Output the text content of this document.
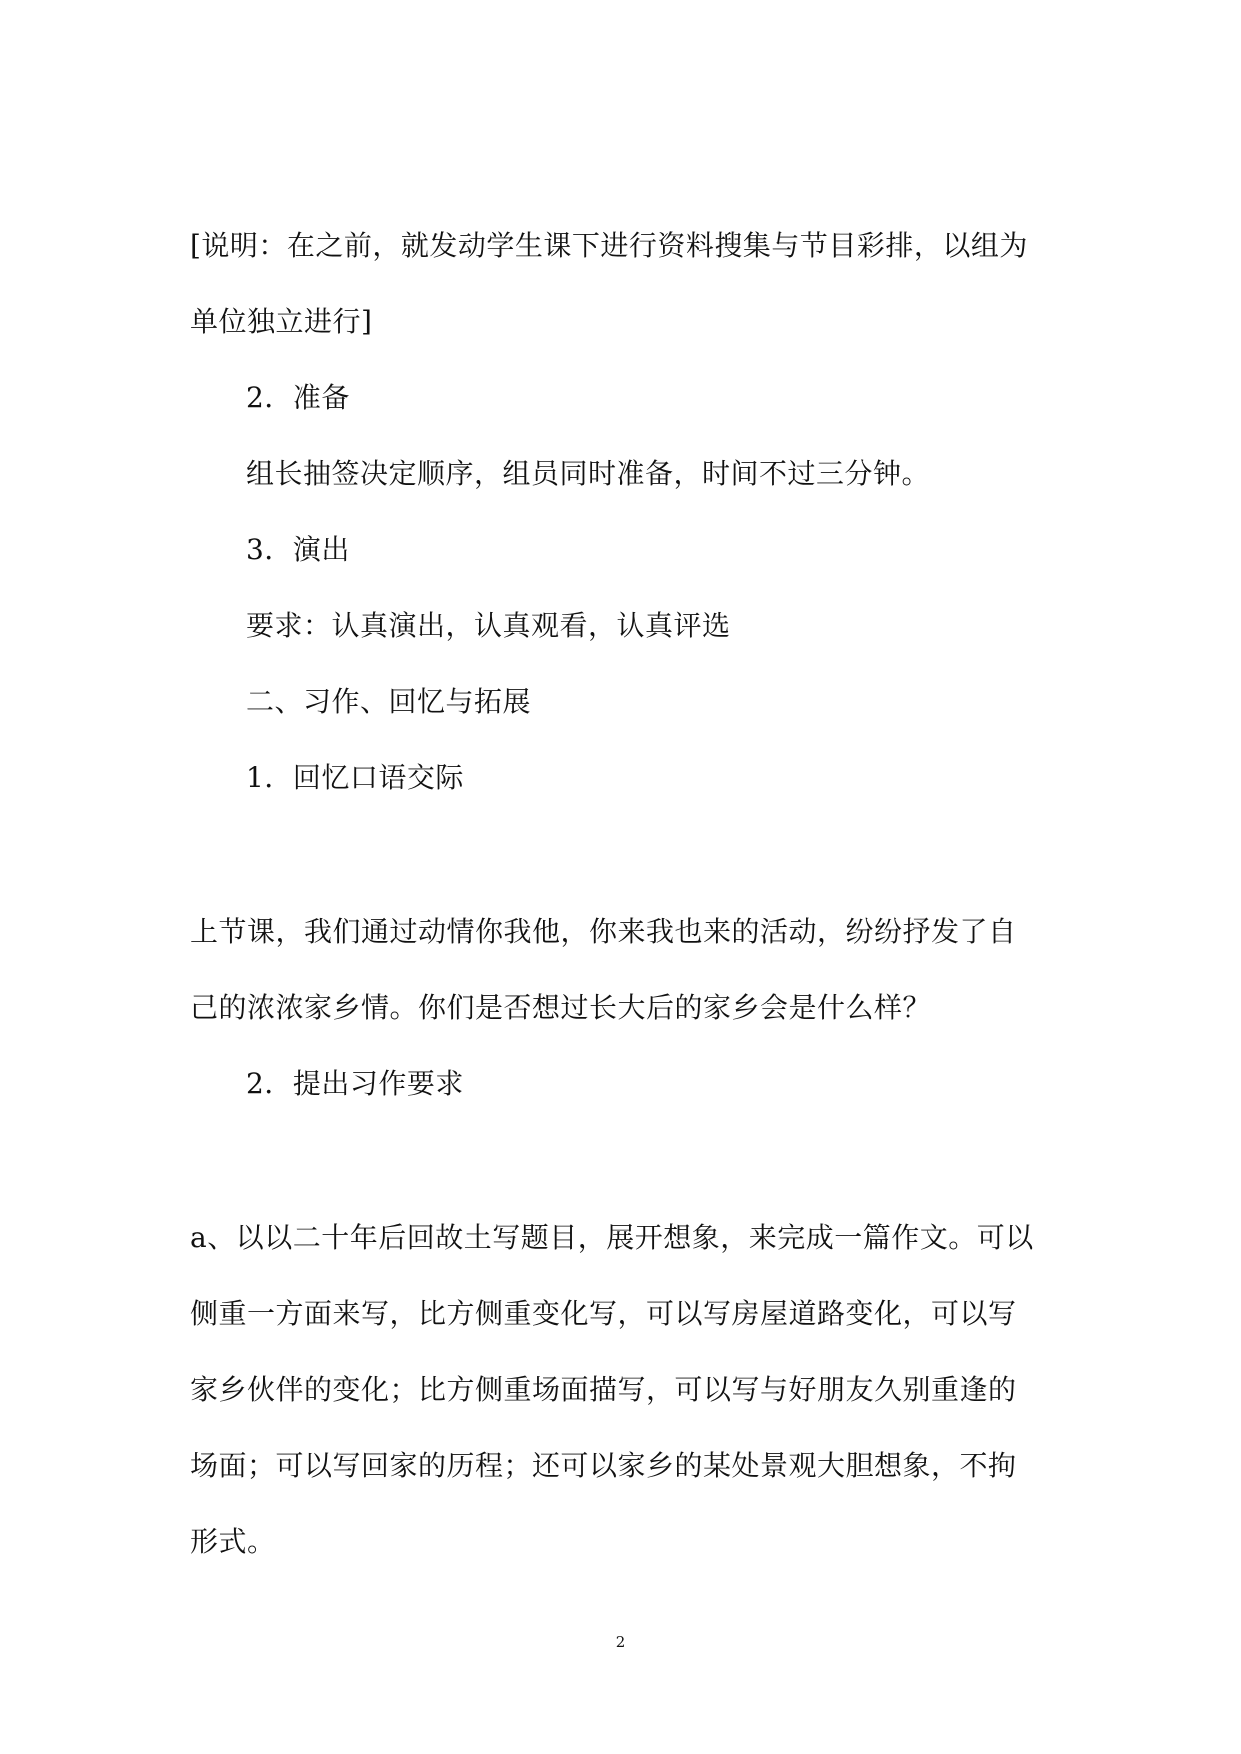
[说明：在之前，就发动学生课下进行资料搜集与节目彩排，以组为
单位独立进行]
2．准备
组长抽签决定顺序，组员同时准备，时间不过三分钟。
3．演出
要求：认真演出，认真观看，认真评选
二、习作、回忆与拓展
1．回忆口语交际
上节课，我们通过动情你我他，你来我也来的活动，纷纷抒发了自
己的浓浓家乡情。你们是否想过长大后的家乡会是什么样？
2．提出习作要求
a、以以二十年后回故土写题目，展开想象，来完成一篇作文。可以
侧重一方面来写，比方侧重变化写，可以写房屋道路变化，可以写
家乡伙伴的变化；比方侧重场面描写，可以写与好朋友久别重逢的
场面；可以写回家的历程；还可以家乡的某处景观大胆想象，不拘
形式。
2
